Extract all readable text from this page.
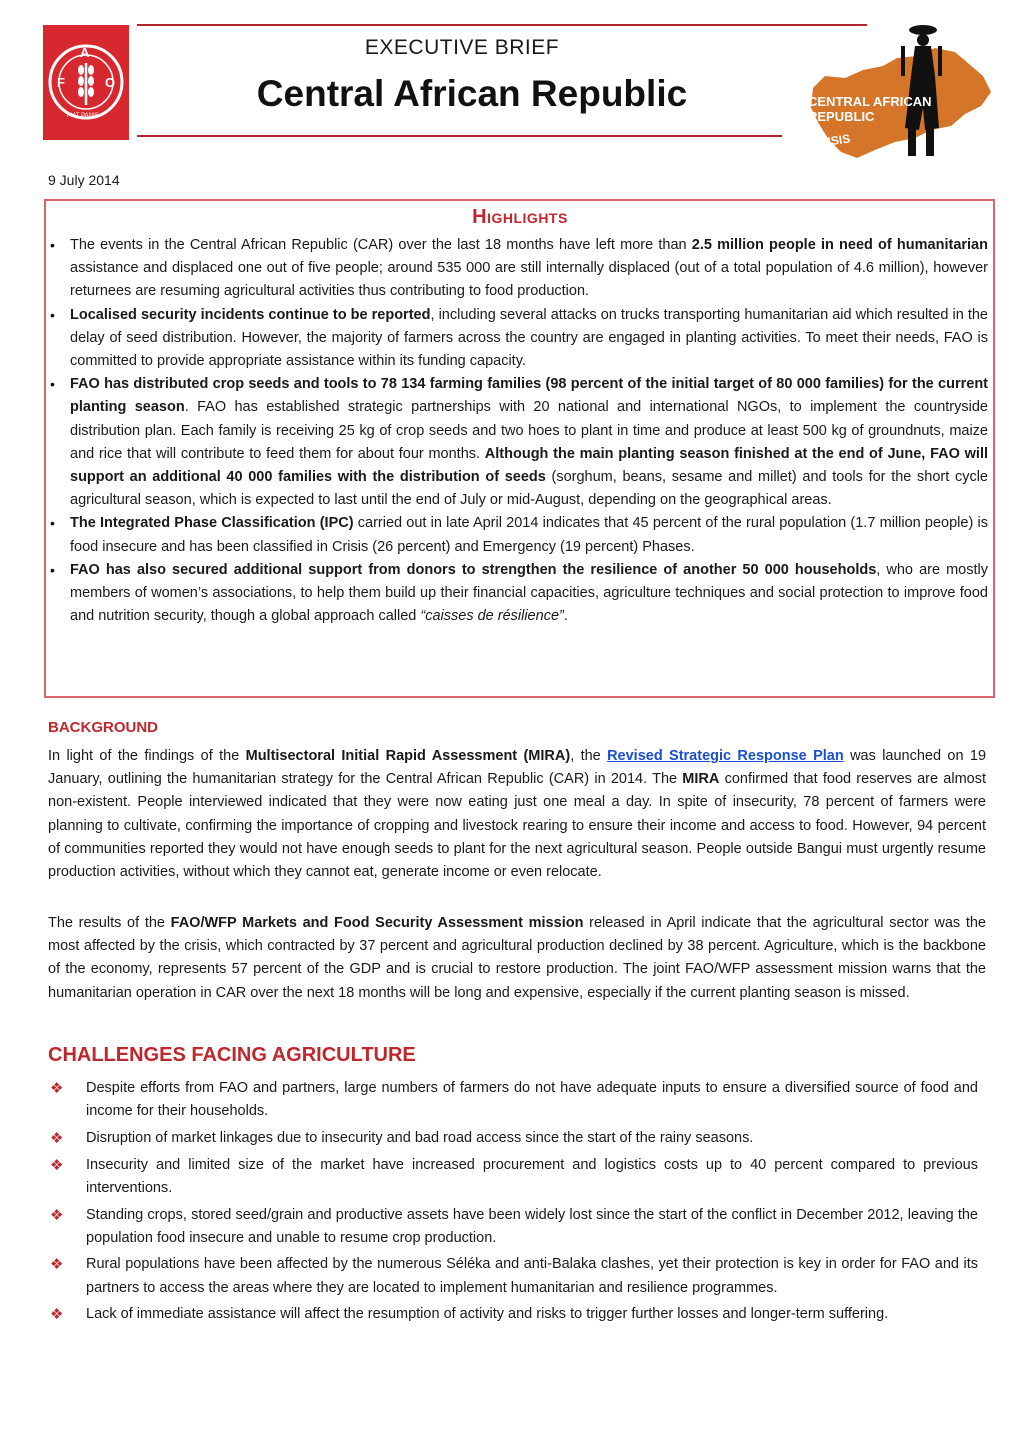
F
A
O
FIAT PANIS
EXECUTIVE BRIEF
Central African Republic	CENTRAL AFRICAN
REPUBLIC
CRISIS
9 July 2014
Highlights
• The events in the Central African Republic (CAR) over the last 18 months have left more than 2.5 million people in need of humanitarian assistance and displaced one out of five people; around 535 000 are still internally displaced (out of a total population of 4.6 million), however returnees are resuming agricultural activities thus contributing to food production.
• Localised security incidents continue to be reported, including several attacks on trucks transporting humanitarian aid which resulted in the delay of seed distribution. However, the majority of farmers across the country are engaged in planting activities. To meet their needs, FAO is committed to provide appropriate assistance within its funding capacity.
• FAO has distributed crop seeds and tools to 78 134 farming families (98 percent of the initial target of 80 000 families) for the current planting season. FAO has established strategic partnerships with 20 national and international NGOs, to implement the countryside distribution plan. Each family is receiving 25 kg of crop seeds and two hoes to plant in time and produce at least 500 kg of groundnuts, maize and rice that will contribute to feed them for about four months. Although the main planting season finished at the end of June, FAO will support an additional 40 000 families with the distribution of seeds (sorghum, beans, sesame and millet) and tools for the short cycle agricultural season, which is expected to last until the end of July or mid-August, depending on the geographical areas.
• The Integrated Phase Classification (IPC) carried out in late April 2014 indicates that 45 percent of the rural population (1.7 million people) is food insecure and has been classified in Crisis (26 percent) and Emergency (19 percent) Phases.
• FAO has also secured additional support from donors to strengthen the resilience of another 50 000 households, who are mostly members of women’s associations, to help them build up their financial capacities, agriculture techniques and social protection to improve food and nutrition security, though a global approach called “caisses de résilience”.
BACKGROUND

In light of the findings of the Multisectoral Initial Rapid Assessment (MIRA), the Revised Strategic Response Plan was launched on 19 January, outlining the humanitarian strategy for the Central African Republic (CAR) in 2014. The MIRA confirmed that food reserves are almost non-existent. People interviewed indicated that they were now eating just one meal a day. In spite of insecurity, 78 percent of farmers were planning to cultivate, confirming the importance of cropping and livestock rearing to ensure their income and access to food. However, 94 percent of communities reported they would not have enough seeds to plant for the next agricultural season. People outside Bangui must urgently resume production activities, without which they cannot eat, generate income or even relocate.

The results of the FAO/WFP Markets and Food Security Assessment mission released in April indicate that the agricultural sector was the most affected by the crisis, which contracted by 37 percent and agricultural production declined by 38 percent. Agriculture, which is the backbone of the economy, represents 57 percent of the GDP and is crucial to restore production. The joint FAO/WFP assessment mission warns that the humanitarian operation in CAR over the next 18 months will be long and expensive, especially if the current planting season is missed.

CHALLENGES FACING AGRICULTURE
❖ Despite efforts from FAO and partners, large numbers of farmers do not have adequate inputs to ensure a diversified source of food and income for their households.
❖ Disruption of market linkages due to insecurity and bad road access since the start of the rainy seasons.
❖ Insecurity and limited size of the market have increased procurement and logistics costs up to 40 percent compared to previous interventions.
❖ Standing crops, stored seed/grain and productive assets have been widely lost since the start of the conflict in December 2012, leaving the population food insecure and unable to resume crop production.
❖ Rural populations have been affected by the numerous Séléka and anti-Balaka clashes, yet their protection is key in order for FAO and its partners to access the areas where they are located to implement humanitarian and resilience programmes.
❖ Lack of immediate assistance will affect the resumption of activity and risks to trigger further losses and longer-term suffering.
